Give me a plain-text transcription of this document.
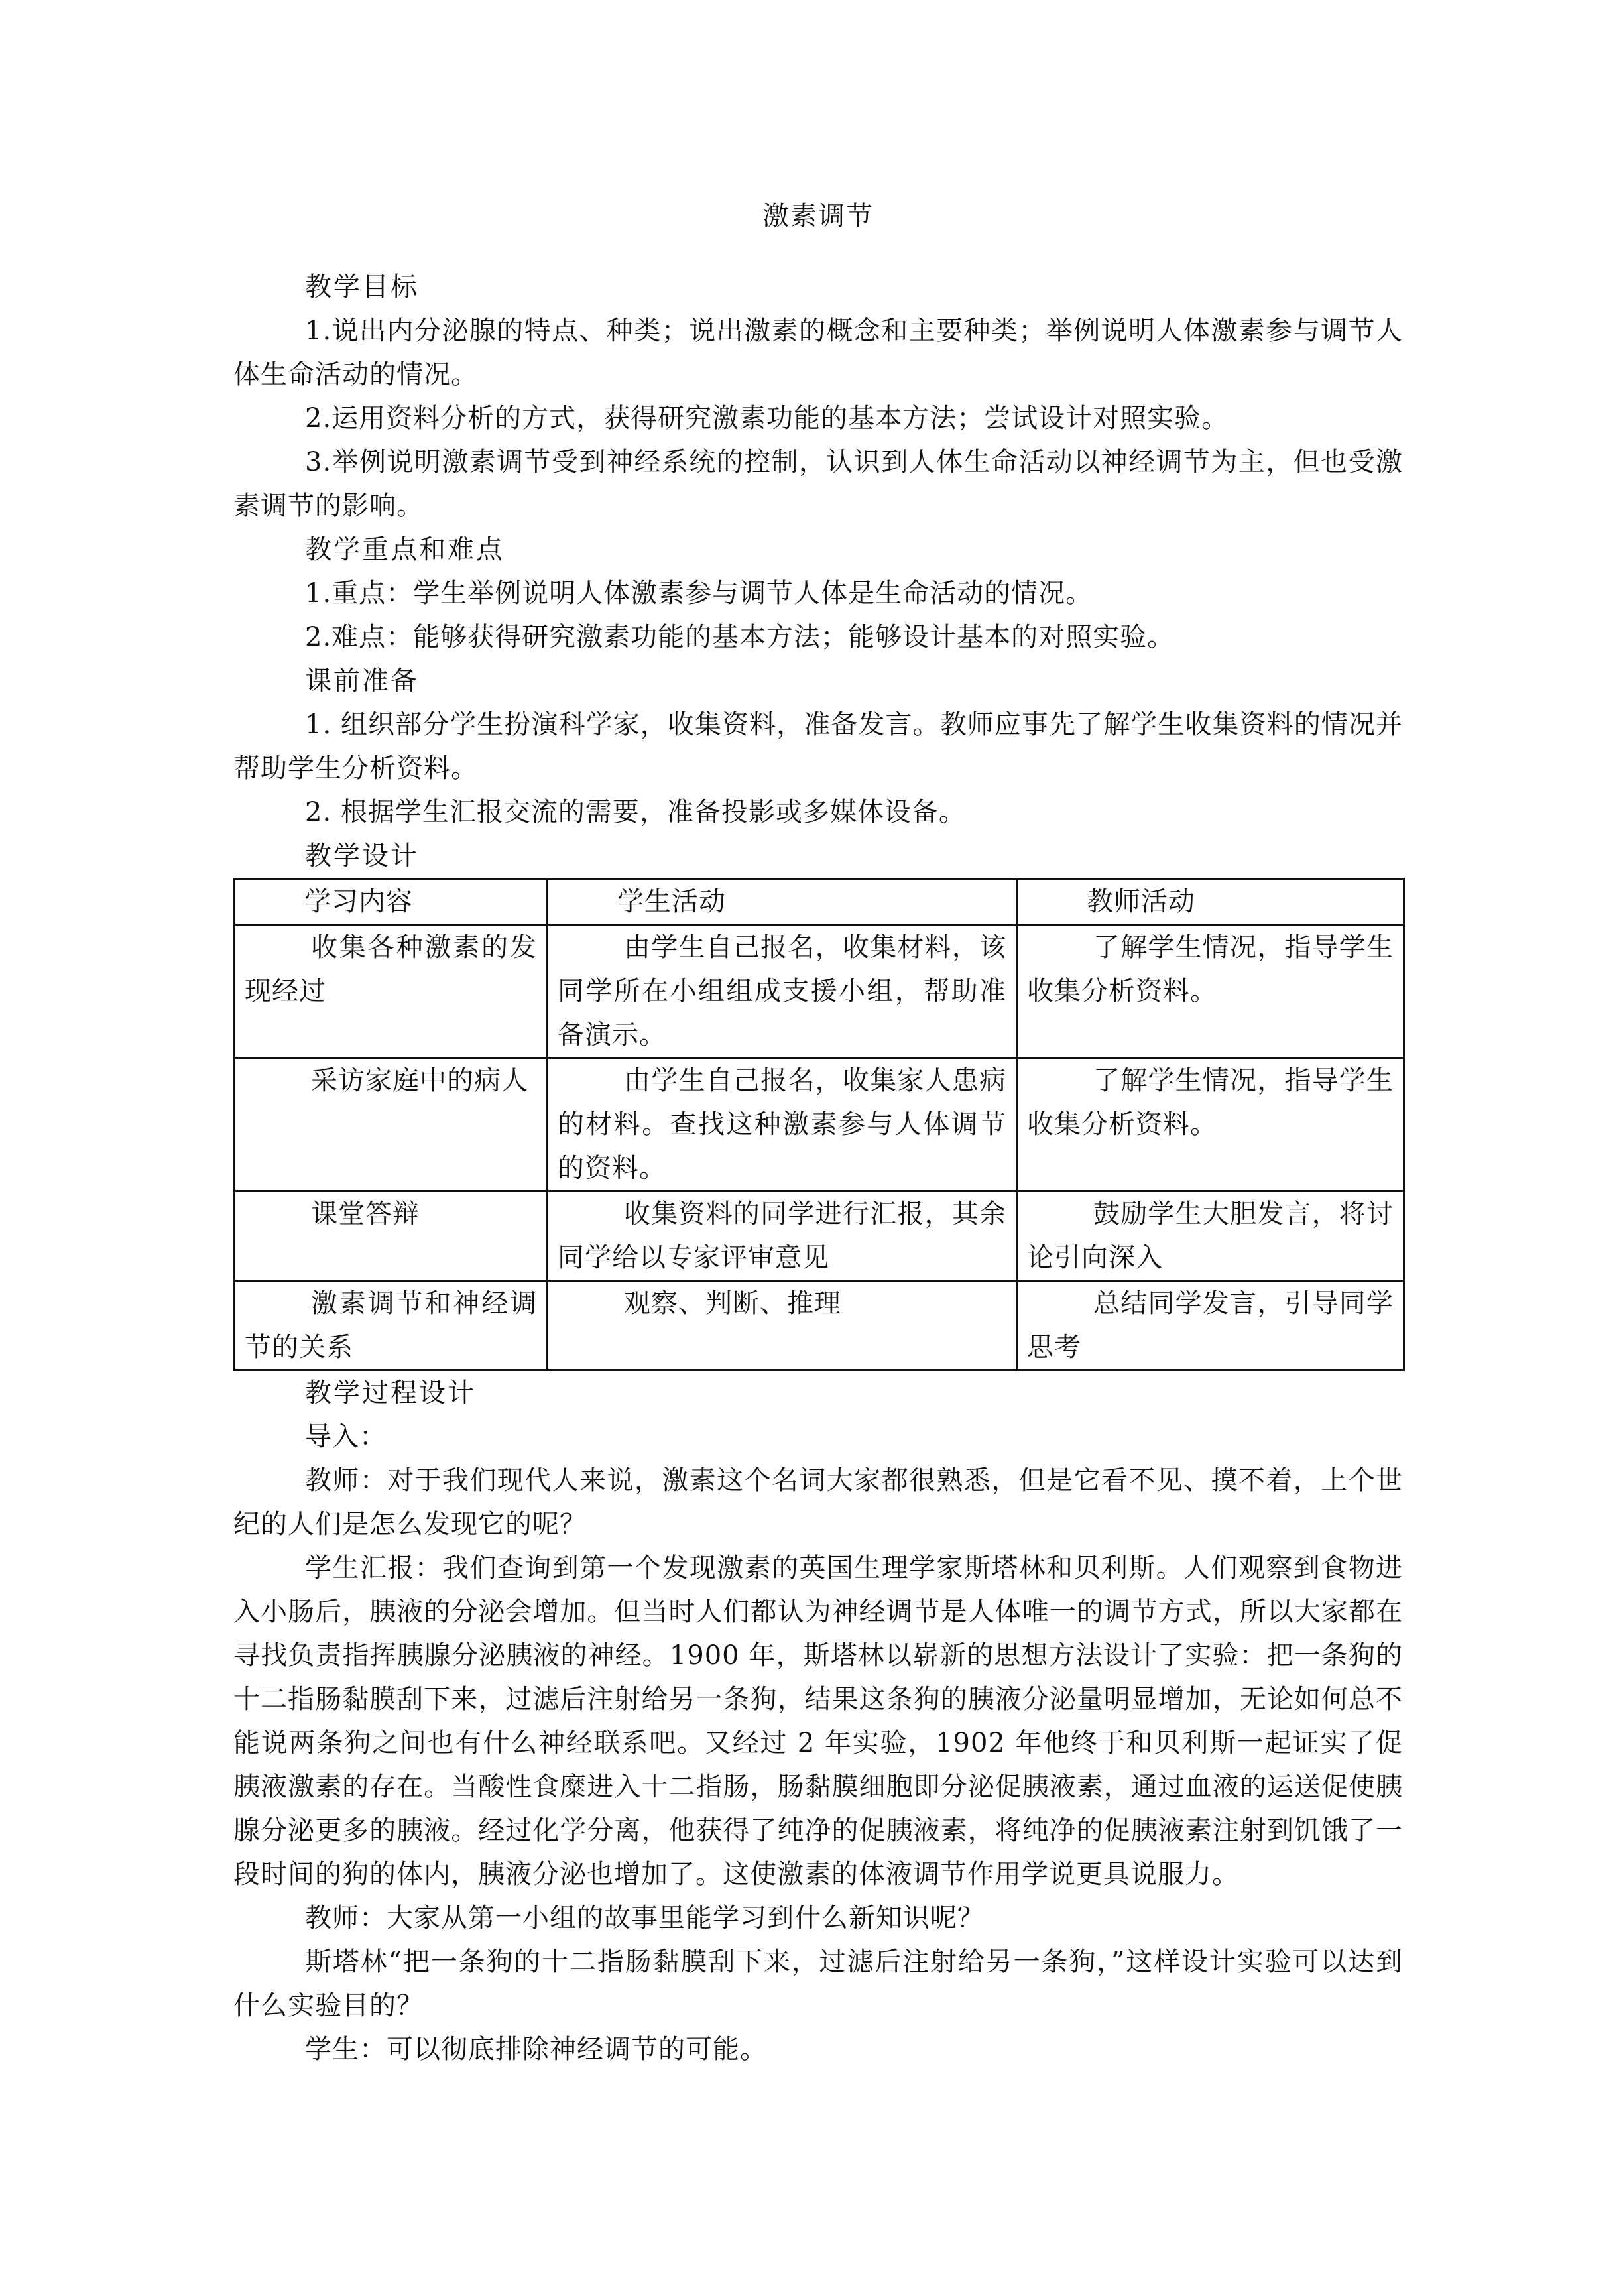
激素调节

教学目标

1.说出内分泌腺的特点、种类；说出激素的概念和主要种类；举例说明人体激素参与调节人体生命活动的情况。

2.运用资料分析的方式，获得研究激素功能的基本方法；尝试设计对照实验。

3.举例说明激素调节受到神经系统的控制，认识到人体生命活动以神经调节为主，但也受激素调节的影响。

教学重点和难点

1.重点：学生举例说明人体激素参与调节人体是生命活动的情况。

2.难点：能够获得研究激素功能的基本方法；能够设计基本的对照实验。

课前准备

1. 组织部分学生扮演科学家，收集资料，准备发言。教师应事先了解学生收集资料的情况并帮助学生分析资料。

2. 根据学生汇报交流的需要，准备投影或多媒体设备。

教学设计

学习内容	学生活动	教师活动
收集各种激素的发现经过	由学生自己报名，收集材料，该同学所在小组组成支援小组，帮助准备演示。	了解学生情况，指导学生收集分析资料。
采访家庭中的病人	由学生自己报名，收集家人患病的材料。查找这种激素参与人体调节的资料。	了解学生情况，指导学生收集分析资料。
课堂答辩	收集资料的同学进行汇报，其余同学给以专家评审意见	鼓励学生大胆发言，将讨论引向深入
激素调节和神经调节的关系	观察、判断、推理	总结同学发言，引导同学思考

教学过程设计

导入：

教师：对于我们现代人来说，激素这个名词大家都很熟悉，但是它看不见、摸不着，上个世纪的人们是怎么发现它的呢？

学生汇报：我们查询到第一个发现激素的英国生理学家斯塔林和贝利斯。人们观察到食物进入小肠后，胰液的分泌会增加。但当时人们都认为神经调节是人体唯一的调节方式，所以大家都在寻找负责指挥胰腺分泌胰液的神经。1900 年，斯塔林以崭新的思想方法设计了实验：把一条狗的十二指肠黏膜刮下来，过滤后注射给另一条狗，结果这条狗的胰液分泌量明显增加，无论如何总不能说两条狗之间也有什么神经联系吧。又经过 2 年实验，1902 年他终于和贝利斯一起证实了促胰液激素的存在。当酸性食糜进入十二指肠，肠黏膜细胞即分泌促胰液素，通过血液的运送促使胰腺分泌更多的胰液。经过化学分离，他获得了纯净的促胰液素，将纯净的促胰液素注射到饥饿了一段时间的狗的体内，胰液分泌也增加了。这使激素的体液调节作用学说更具说服力。

教师：大家从第一小组的故事里能学习到什么新知识呢？

斯塔林“把一条狗的十二指肠黏膜刮下来，过滤后注射给另一条狗，”这样设计实验可以达到什么实验目的？

学生：可以彻底排除神经调节的可能。
